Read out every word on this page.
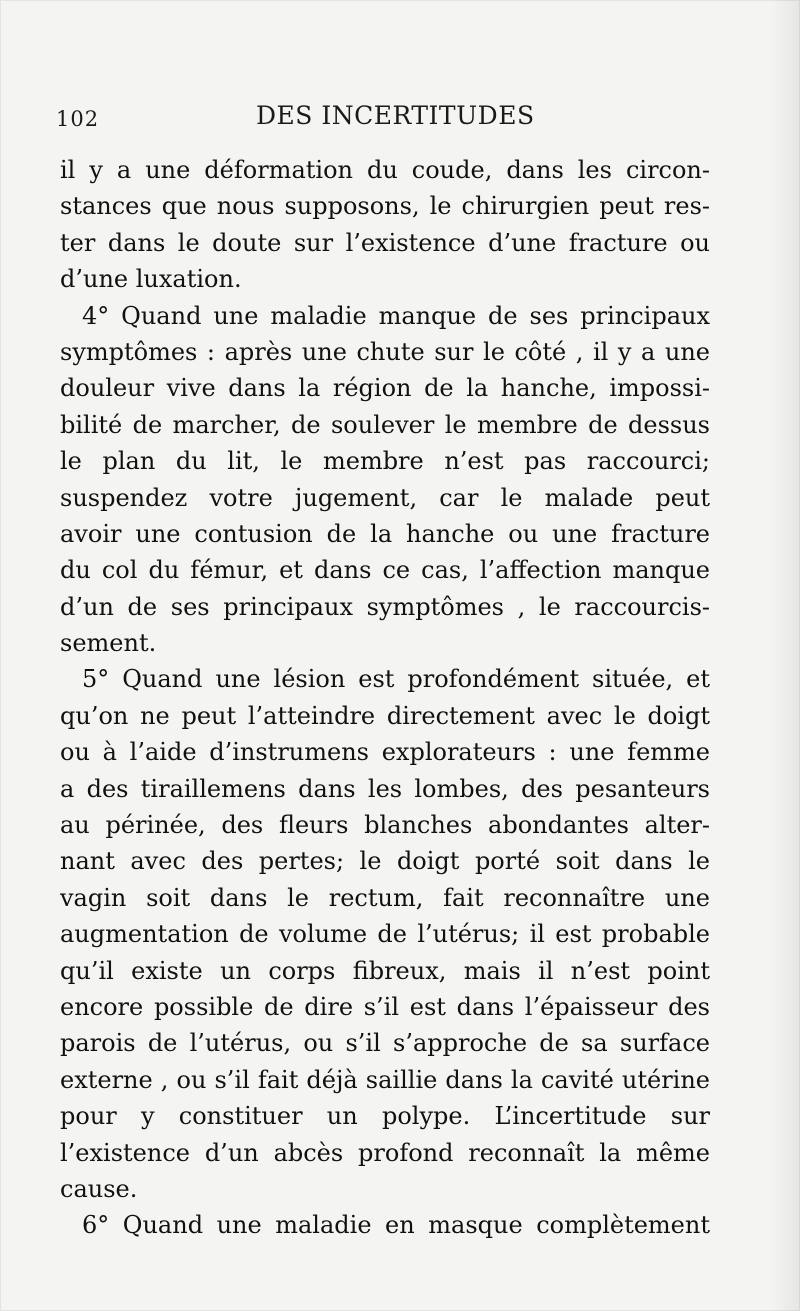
102	DES INCERTITUDES
il y a une déformation du coude, dans les circon-
stances que nous supposons, le chirurgien peut res-
ter dans le doute sur l’existence d’une fracture ou
d’une luxation.
4° Quand une maladie manque de ses principaux
symptômes : après une chute sur le côté , il y a une
douleur vive dans la région de la hanche, impossi-
bilité de marcher, de soulever le membre de dessus
le plan du lit, le membre n’est pas raccourci;
suspendez votre jugement, car le malade peut
avoir une contusion de la hanche ou une fracture
du col du fémur, et dans ce cas, l’affection manque
d’un de ses principaux symptômes , le raccourcis-
sement.
5° Quand une lésion est profondément située, et
qu’on ne peut l’atteindre directement avec le doigt
ou à l’aide d’instrumens explorateurs : une femme
a des tiraillemens dans les lombes, des pesanteurs
au périnée, des fleurs blanches abondantes alter-
nant avec des pertes; le doigt porté soit dans le
vagin soit dans le rectum, fait reconnaître une
augmentation de volume de l’utérus; il est probable
qu’il existe un corps fibreux, mais il n’est point
encore possible de dire s’il est dans l’épaisseur des
parois de l’utérus, ou s’il s’approche de sa surface
externe , ou s’il fait déjà saillie dans la cavité utérine
pour y constituer un polype. L’incertitude sur
l’existence d’un abcès profond reconnaît la même
cause.
6° Quand une maladie en masque complètement
